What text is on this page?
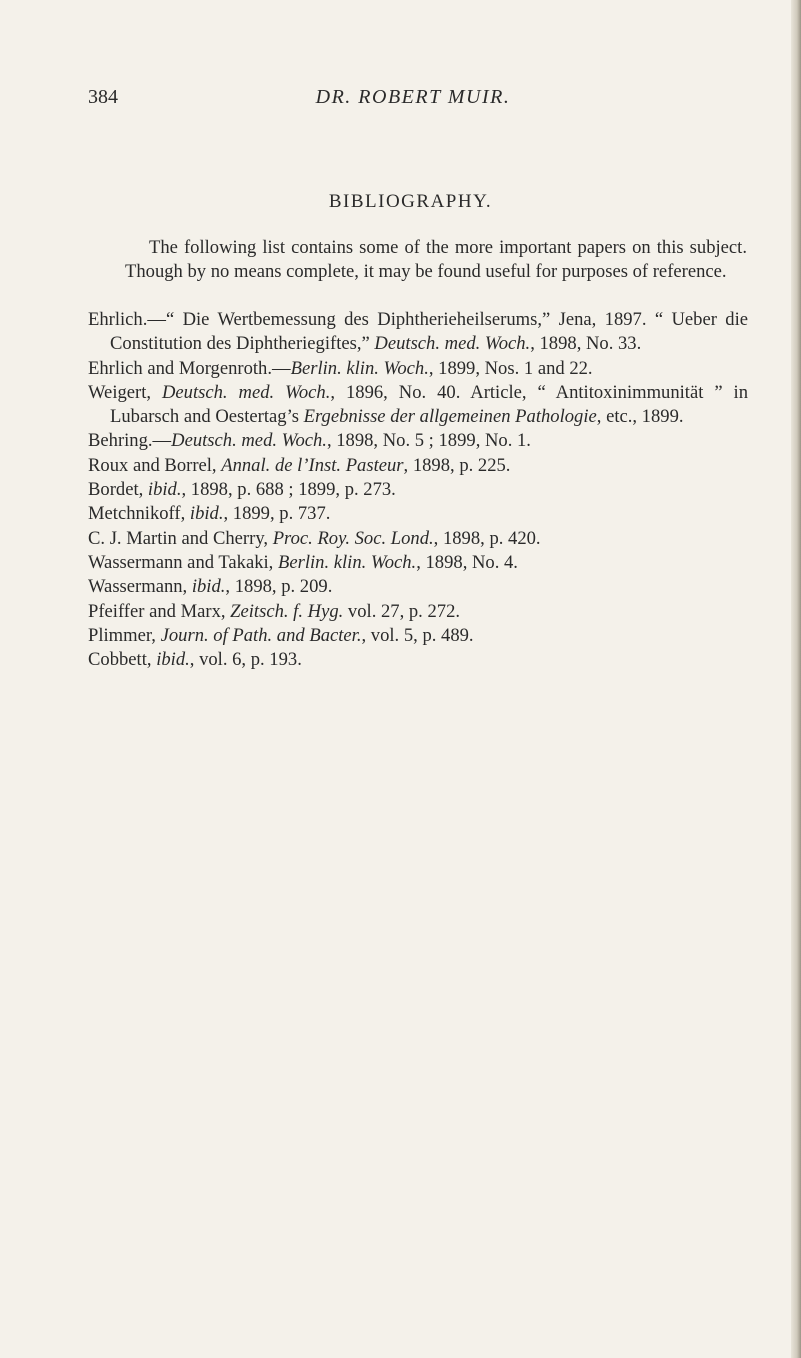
384	DR. ROBERT MUIR.
BIBLIOGRAPHY.

The following list contains some of the more important papers on this subject. Though by no means complete, it may be found useful for purposes of reference.

Ehrlich.—“ Die Wertbemessung des Diphtherieheilserums,” Jena, 1897. “ Ueber die Constitution des Diphtheriegiftes,” Deutsch. med. Woch., 1898, No. 33.
Ehrlich and Morgenroth.—Berlin. klin. Woch., 1899, Nos. 1 and 22.
Weigert, Deutsch. med. Woch., 1896, No. 40. Article, “ Antitoxinimmunität ” in Lubarsch and Oestertag’s Ergebnisse der allgemeinen Pathologie, etc., 1899.
Behring.—Deutsch. med. Woch., 1898, No. 5 ; 1899, No. 1.
Roux and Borrel, Annal. de l’Inst. Pasteur, 1898, p. 225.
Bordet, ibid., 1898, p. 688 ; 1899, p. 273.
Metchnikoff, ibid., 1899, p. 737.
C. J. Martin and Cherry, Proc. Roy. Soc. Lond., 1898, p. 420.
Wassermann and Takaki, Berlin. klin. Woch., 1898, No. 4.
Wassermann, ibid., 1898, p. 209.
Pfeiffer and Marx, Zeitsch. f. Hyg. vol. 27, p. 272.
Plimmer, Journ. of Path. and Bacter., vol. 5, p. 489.
Cobbett, ibid., vol. 6, p. 193.
